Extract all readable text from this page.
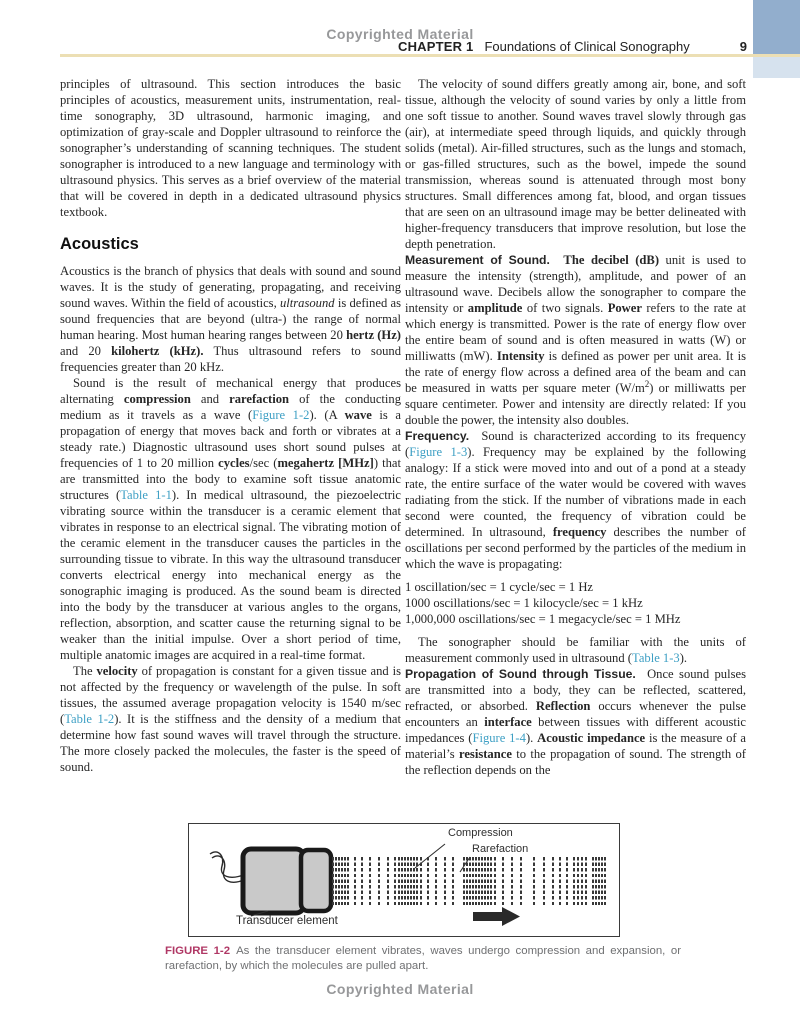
Copyrighted Material
CHAPTER 1 Foundations of Clinical Sonography	9

principles of ultrasound. This section introduces the basic principles of acoustics, measurement units, instrumentation, real-time sonography, 3D ultrasound, harmonic imaging, and optimization of gray-scale and Doppler ultrasound to reinforce the sonographer’s understanding of scanning techniques. The student sonographer is introduced to a new language and terminology with ultrasound physics. This serves as a brief overview of the material that will be covered in depth in a dedicated ultrasound physics textbook.

Acoustics

Acoustics is the branch of physics that deals with sound and sound waves. It is the study of generating, propagating, and receiving sound waves. Within the field of acoustics, ultrasound is defined as sound frequencies that are beyond (ultra-) the range of normal human hearing. Most human hearing ranges between 20 hertz (Hz) and 20 kilohertz (kHz). Thus ultrasound refers to sound frequencies greater than 20 kHz.

Sound is the result of mechanical energy that produces alternating compression and rarefaction of the conducting medium as it travels as a wave (Figure 1-2). (A wave is a propagation of energy that moves back and forth or vibrates at a steady rate.) Diagnostic ultrasound uses short sound pulses at frequencies of 1 to 20 million cycles/sec (megahertz [MHz]) that are transmitted into the body to examine soft tissue anatomic structures (Table 1-1). In medical ultrasound, the piezoelectric vibrating source within the transducer is a ceramic element that vibrates in response to an electrical signal. The vibrating motion of the ceramic element in the transducer causes the particles in the surrounding tissue to vibrate. In this way the ultrasound transducer converts electrical energy into mechanical energy as the sonographic imaging is produced. As the sound beam is directed into the body by the transducer at various angles to the organs, reflection, absorption, and scatter cause the returning signal to be weaker than the initial impulse. Over a short period of time, multiple anatomic images are acquired in a real-time format.

The velocity of propagation is constant for a given tissue and is not affected by the frequency or wavelength of the pulse. In soft tissues, the assumed average propagation velocity is 1540 m/sec (Table 1-2). It is the stiffness and the density of a medium that determine how fast sound waves will travel through the structure. The more closely packed the molecules, the faster is the speed of sound.

The velocity of sound differs greatly among air, bone, and soft tissue, although the velocity of sound varies by only a little from one soft tissue to another. Sound waves travel slowly through gas (air), at intermediate speed through liquids, and quickly through solids (metal). Air-filled structures, such as the lungs and stomach, or gas-filled structures, such as the bowel, impede the sound transmission, whereas sound is attenuated through most bony structures. Small differences among fat, blood, and organ tissues that are seen on an ultrasound image may be better delineated with higher-frequency transducers that improve resolution, but lose the depth penetration.

Measurement of Sound.  The decibel (dB) unit is used to measure the intensity (strength), amplitude, and power of an ultrasound wave. Decibels allow the sonographer to compare the intensity or amplitude of two signals. Power refers to the rate at which energy is transmitted. Power is the rate of energy flow over the entire beam of sound and is often measured in watts (W) or milliwatts (mW). Intensity is defined as power per unit area. It is the rate of energy flow across a defined area of the beam and can be measured in watts per square meter $(W/m^2)$ or milliwatts per square centimeter. Power and intensity are directly related: If you double the power, the intensity also doubles.

Frequency.  Sound is characterized according to its frequency (Figure 1-3). Frequency may be explained by the following analogy: If a stick were moved into and out of a pond at a steady rate, the entire surface of the water would be covered with waves radiating from the stick. If the number of vibrations made in each second were counted, the frequency of vibration could be determined. In ultrasound, frequency describes the number of oscillations per second performed by the particles of the medium in which the wave is propagating:

1 oscillation/sec = 1 cycle/sec = 1 Hz
1000 oscillations/sec = 1 kilocycle/sec = 1 kHz
1,000,000 oscillations/sec = 1 megacycle/sec = 1 MHz

The sonographer should be familiar with the units of measurement commonly used in ultrasound (Table 1-3).

Propagation of Sound through Tissue.  Once sound pulses are transmitted into a body, they can be reflected, scattered, refracted, or absorbed. Reflection occurs whenever the pulse encounters an interface between tissues with different acoustic impedances (Figure 1-4). Acoustic impedance is the measure of a material’s resistance to the propagation of sound. The strength of the reflection depends on the

Compression
Rarefaction
Transducer element
FIGURE 1-2 As the transducer element vibrates, waves undergo compression and expansion, or rarefaction, by which the molecules are pulled apart.
Copyrighted Material
